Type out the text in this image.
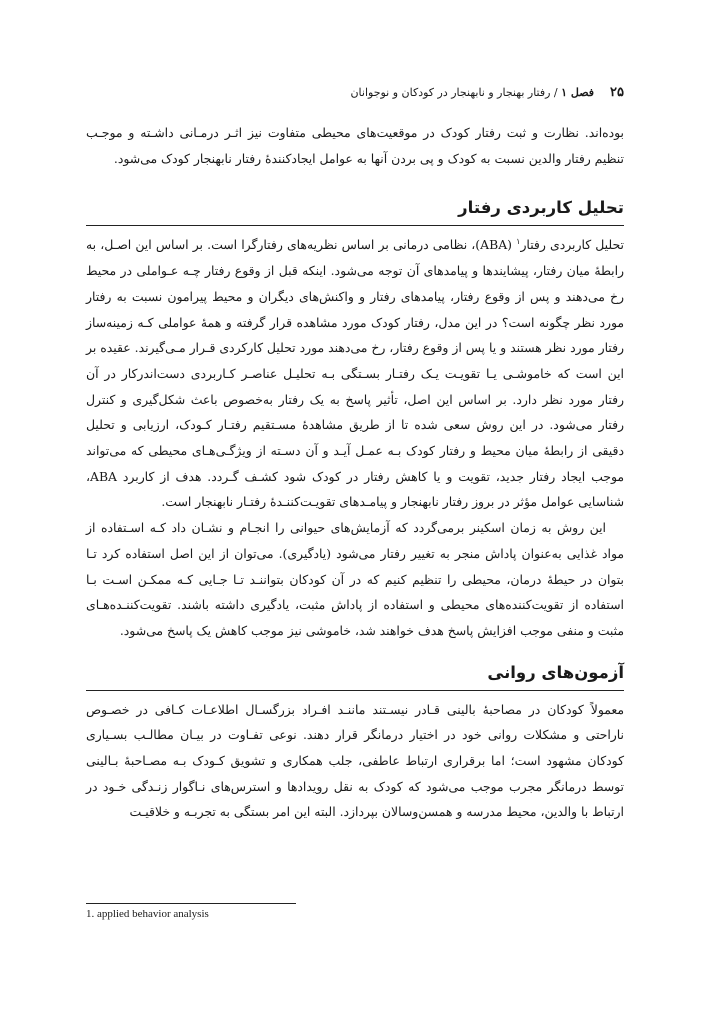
۲۵
فصل ۱ / رفتار بهنجار و نابهنجار در کودکان و نوجوانان

بوده‌اند. نظارت و ثبت رفتار کودک در موقعیت‌های محیطی متفاوت نیز اثـر درمـانی داشـته و موجـب تنظیم رفتار والدین نسبت به کودک و پی بردن آنها به عوامل ایجادکنندۀ رفتار نابهنجار کودک می‌شود.

تحلیل کاربردی رفتار

تحلیل کاربردی رفتار$^۱$ (ABA)، نظامی درمانی بر اساس نظریه‌های رفتارگرا است. بر اساس این اصـل، به رابطۀ میان رفتار، پیشایندها و پیامدهای آن توجه می‌شود. اینکه قبل از وقوع رفتار چـه عـواملی در محیط رخ می‌دهند و پس از وقوع رفتار، پیامدهای رفتار و واکنش‌های دیگران و محیط پیرامون نسبت به رفتار مورد نظر چگونه است؟ در این مدل، رفتار کودک مورد مشاهده قرار گرفته و همۀ عواملی کـه زمینه‌ساز رفتار مورد نظر هستند و یا پس از وقوع رفتار، رخ می‌دهند مورد تحلیل کارکردی قـرار مـی‌گیرند. عقیده بر این است که خاموشـی یـا تقویـت یـک رفتـار بسـتگی بـه تحلیـل عناصـر کـاربردی دست‌اندرکار در آن رفتار مورد نظر دارد. بر اساس این اصل، تأثیر پاسخ به یک رفتار به‌خصوص باعث شکل‌گیری و کنترل رفتار می‌شود. در این روش سعی شده تا از طریق مشاهدۀ مسـتقیم رفتـار کـودک، ارزیابی و تحلیل دقیقی از رابطۀ میان محیط و رفتار کودک بـه عمـل آیـد و آن دسـته از ویژگـی‌هـای محیطی که می‌تواند موجب ایجاد رفتار جدید، تقویت و یا کاهش رفتار در کودک شود کشـف گـردد. هدف از کاربرد ABA، شناسایی عوامل مؤثر در بروز رفتار نابهنجار و پیامـدهای تقویـت‌کننـدۀ رفتـار نابهنجار است.

این روش به زمان اسکینر برمی‌گردد که آزمایش‌های حیوانی را انجـام و نشـان داد کـه اسـتفاده از مواد غذایی به‌عنوان پاداش منجر به تغییر رفتار می‌شود (یادگیری). می‌توان از این اصل استفاده کرد تـا بتوان در حیطۀ درمان، محیطی را تنظیم کنیم که در آن کودکان بتواننـد تـا جـایی کـه ممکـن اسـت بـا استفاده از تقویت‌کننده‌های محیطی و استفاده از پاداش مثبت، یادگیری داشته باشند. تقویت‌کننـده‌هـای مثبت و منفی موجب افزایش پاسخ هدف خواهند شد، خاموشی نیز موجب کاهش یک پاسخ می‌شود.

آزمون‌های روانی

معمولاً کودکان در مصاحبۀ بالینی قـادر نیسـتند ماننـد افـراد بزرگسـال اطلاعـات کـافی در خصـوص ناراحتی و مشکلات روانی خود در اختیار درمانگر قرار دهند. نوعی تفـاوت در بیـان مطالـب بسـیاری کودکان مشهود است؛ اما برقراری ارتباط عاطفی، جلب همکاری و تشویق کـودک بـه مصـاحبۀ بـالینی توسط درمانگر مجرب موجب می‌شود که کودک به نقل رویدادها و استرس‌های نـاگوار زنـدگی خـود در ارتباط با والدین، محیط مدرسه و همسن‌وسالان بپردازد. البته این امر بستگی به تجربـه و خلاقیـت

1. applied behavior analysis
